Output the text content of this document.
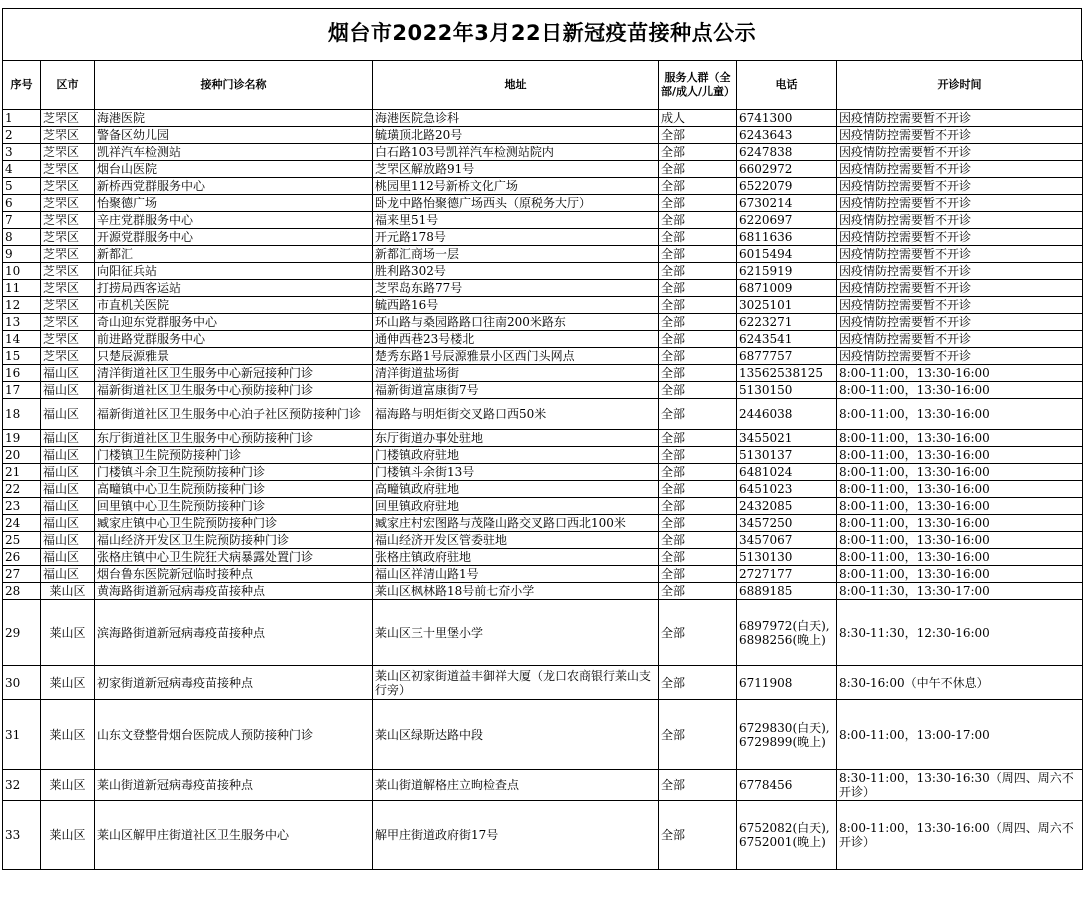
烟台市2022年3月22日新冠疫苗接种点公示
序号	区市	接种门诊名称	地址	服务人群（全部/成人/儿童）	电话	开诊时间
1	芝罘区	海港医院	海港医院急诊科	成人	6741300	因疫情防控需要暂不开诊
2	芝罘区	警备区幼儿园	毓璜顶北路20号	全部	6243643	因疫情防控需要暂不开诊
3	芝罘区	凯祥汽车检测站	白石路103号凯祥汽车检测站院内	全部	6247838	因疫情防控需要暂不开诊
4	芝罘区	烟台山医院	芝罘区解放路91号	全部	6602972	因疫情防控需要暂不开诊
5	芝罘区	新桥西党群服务中心	桃园里112号新桥文化广场	全部	6522079	因疫情防控需要暂不开诊
6	芝罘区	怡聚德广场	卧龙中路怡聚德广场西头（原税务大厅）	全部	6730214	因疫情防控需要暂不开诊
7	芝罘区	辛庄党群服务中心	福来里51号	全部	6220697	因疫情防控需要暂不开诊
8	芝罘区	开源党群服务中心	开元路178号	全部	6811636	因疫情防控需要暂不开诊
9	芝罘区	新都汇	新都汇商场一层	全部	6015494	因疫情防控需要暂不开诊
10	芝罘区	向阳征兵站	胜利路302号	全部	6215919	因疫情防控需要暂不开诊
11	芝罘区	打捞局西客运站	芝罘岛东路77号	全部	6871009	因疫情防控需要暂不开诊
12	芝罘区	市直机关医院	毓西路16号	全部	3025101	因疫情防控需要暂不开诊
13	芝罘区	奇山迎东党群服务中心	环山路与桑园路路口往南200米路东	全部	6223271	因疫情防控需要暂不开诊
14	芝罘区	前进路党群服务中心	通伸西巷23号楼北	全部	6243541	因疫情防控需要暂不开诊
15	芝罘区	只楚辰源雅景	楚秀东路1号辰源雅景小区西门头网点	全部	6877757	因疫情防控需要暂不开诊
16	福山区	清洋街道社区卫生服务中心新冠接种门诊	清洋街道盐场街	全部	13562538125	8:00-11:00，13:30-16:00
17	福山区	福新街道社区卫生服务中心预防接种门诊	福新街道富康街7号	全部	5130150	8:00-11:00，13:30-16:00
18	福山区	福新街道社区卫生服务中心泊子社区预防接种门诊	福海路与明炬街交叉路口西50米	全部	2446038	8:00-11:00，13:30-16:00
19	福山区	东厅街道社区卫生服务中心预防接种门诊	东厅街道办事处驻地	全部	3455021	8:00-11:00，13:30-16:00
20	福山区	门楼镇卫生院预防接种门诊	门楼镇政府驻地	全部	5130137	8:00-11:00，13:30-16:00
21	福山区	门楼镇斗余卫生院预防接种门诊	门楼镇斗余街13号	全部	6481024	8:00-11:00，13:30-16:00
22	福山区	高疃镇中心卫生院预防接种门诊	高疃镇政府驻地	全部	6451023	8:00-11:00，13:30-16:00
23	福山区	回里镇中心卫生院预防接种门诊	回里镇政府驻地	全部	2432085	8:00-11:00，13:30-16:00
24	福山区	臧家庄镇中心卫生院预防接种门诊	臧家庄村宏图路与茂隆山路交叉路口西北100米	全部	3457250	8:00-11:00，13:30-16:00
25	福山区	福山经济开发区卫生院预防接种门诊	福山经济开发区管委驻地	全部	3457067	8:00-11:00，13:30-16:00
26	福山区	张格庄镇中心卫生院狂犬病暴露处置门诊	张格庄镇政府驻地	全部	5130130	8:00-11:00，13:30-16:00
27	福山区	烟台鲁东医院新冠临时接种点	福山区祥清山路1号	全部	2727177	8:00-11:00，13:30-16:00
28	莱山区	黄海路街道新冠病毒疫苗接种点	莱山区枫林路18号前七夼小学	全部	6889185	8:00-11:30，13:30-17:00
29	莱山区	滨海路街道新冠病毒疫苗接种点	莱山区三十里堡小学	全部	6897972(白天), 6898256(晚上)	8:30-11:30，12:30-16:00
30	莱山区	初家街道新冠病毒疫苗接种点	莱山区初家街道益丰御祥大厦（龙口农商银行莱山支行旁）	全部	6711908	8:30-16:00（中午不休息）
31	莱山区	山东文登整骨烟台医院成人预防接种门诊	莱山区绿斯达路中段	全部	6729830(白天), 6729899(晚上)	8:00-11:00，13:00-17:00
32	莱山区	莱山街道新冠病毒疫苗接种点	莱山街道解格庄立昫检查点	全部	6778456	8:30-11:00，13:30-16:30（周四、周六不开诊）
33	莱山区	莱山区解甲庄街道社区卫生服务中心	解甲庄街道政府街17号	全部	6752082(白天), 6752001(晚上)	8:00-11:00，13:30-16:00（周四、周六不开诊）
